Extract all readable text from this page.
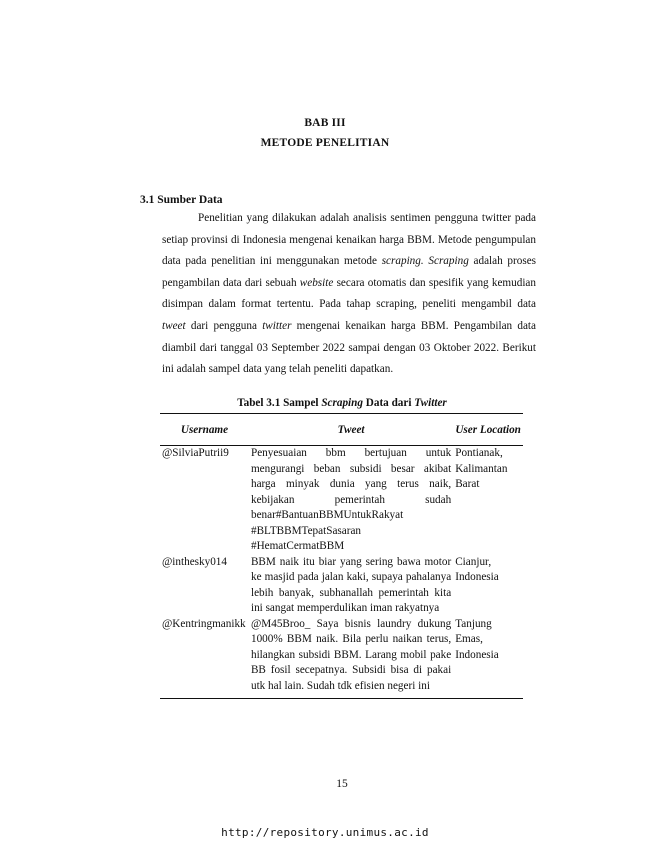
BAB III
METODE PENELITIAN
3.1 Sumber Data

Penelitian yang dilakukan adalah analisis sentimen pengguna twitter pada setiap provinsi di Indonesia mengenai kenaikan harga BBM. Metode pengumpulan data pada penelitian ini menggunakan metode scraping. Scraping adalah proses pengambilan data dari sebuah website secara otomatis dan spesifik yang kemudian disimpan dalam format tertentu. Pada tahap scraping, peneliti mengambil data tweet dari pengguna twitter mengenai kenaikan harga BBM. Pengambilan data diambil dari tanggal 03 September 2022 sampai dengan 03 Oktober 2022. Berikut ini adalah sampel data yang telah peneliti dapatkan.

Tabel 3.1 Sampel Scraping Data dari Twitter
Username	Tweet	User Location
@SilviaPutrii9	Penyesuaian bbm bertujuan untuk mengurangi beban subsidi besar akibat harga minyak dunia yang terus naik, kebijakan pemerintah sudah benar#BantuanBBMUntukRakyat #BLTBBMTepatSasaran #HematCermatBBM	Pontianak, Kalimantan Barat
@inthesky014	BBM naik itu biar yang sering bawa motor ke masjid pada jalan kaki, supaya pahalanya lebih banyak, subhanallah pemerintah kita ini sangat memperdulikan iman rakyatnya	Cianjur, Indonesia
@Kentringmanikk	@M45Broo_ Saya bisnis laundry dukung 1000% BBM naik. Bila perlu naikan terus, hilangkan subsidi BBM. Larang mobil pake BB fosil secepatnya. Subsidi bisa di pakai utk hal lain. Sudah tdk efisien negeri ini	Tanjung Emas, Indonesia
15
http://repository.unimus.ac.id
